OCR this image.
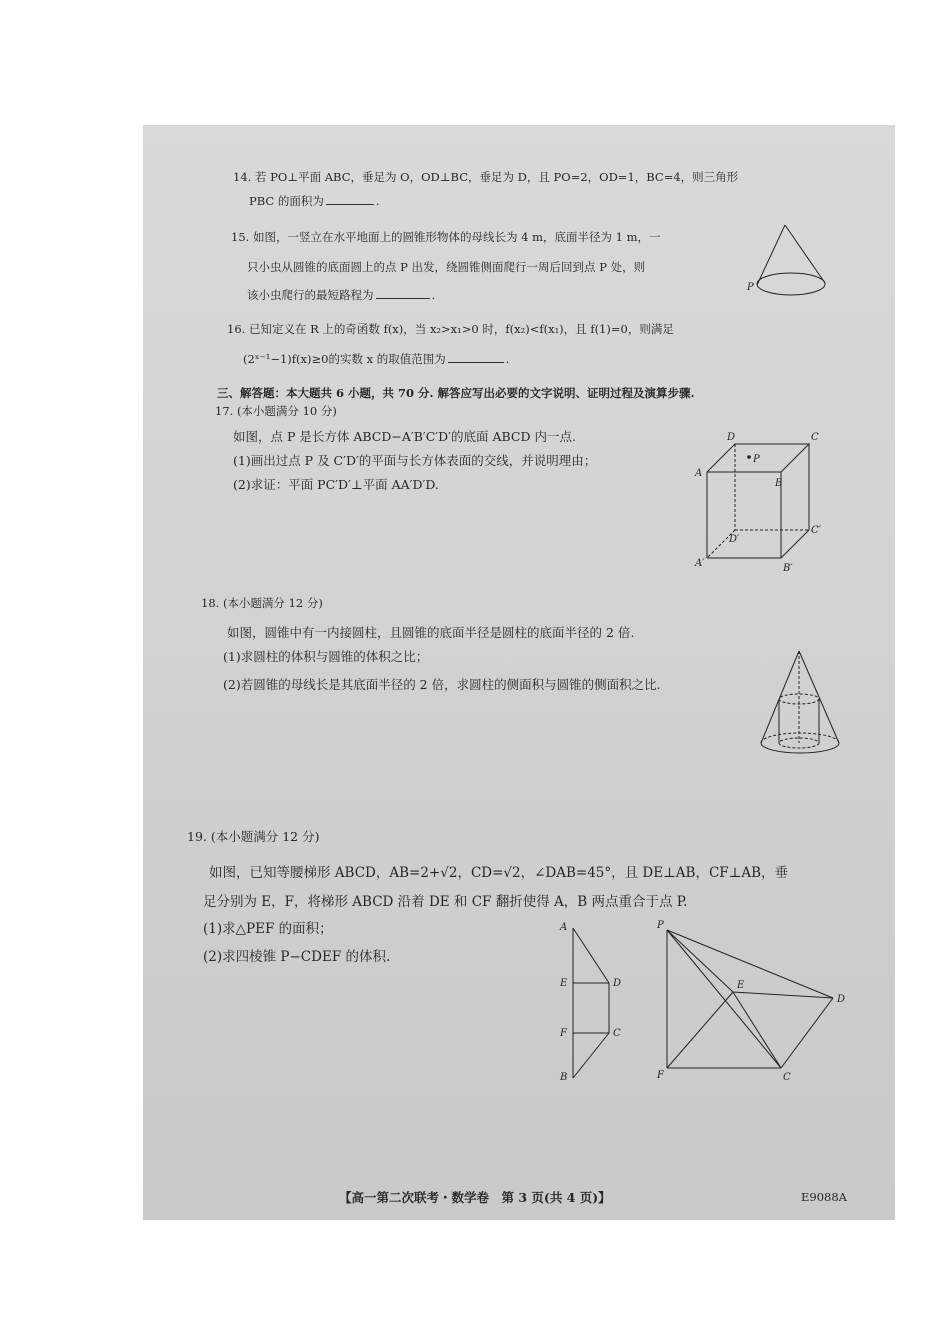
14. 若 PO⊥平面 ABC，垂足为 O，OD⊥BC，垂足为 D，且 PO=2，OD=1，BC=4，则三角形
PBC 的面积为	.
15. 如图，一竖立在水平地面上的圆锥形物体的母线长为 4 m，底面半径为 1 m，一
只小虫从圆锥的底面圆上的点 P 出发，绕圆锥侧面爬行一周后回到点 P 处，则
该小虫爬行的最短路程为	.
P
16. 已知定义在 R 上的奇函数 f(x)，当 x₂>x₁>0 时，f(x₂)<f(x₁)，且 f(1)=0，则满足
(2ˣ⁻¹−1)f(x)≥0的实数 x 的取值范围为	.
三、解答题：本大题共 6 小题，共 70 分. 解答应写出必要的文字说明、证明过程及演算步骤.
17. (本小题满分 10 分)
如图，点 P 是长方体 ABCD−A′B′C′D′的底面 ABCD 内一点.
(1)画出过点 P 及 C′D′的平面与长方体表面的交线，并说明理由；
(2)求证：平面 PC′D′⊥平面 AA′D′D.
D	C
P
A
B
D′
C′
A′	B′
18. (本小题满分 12 分)
如图，圆锥中有一内接圆柱，且圆锥的底面半径是圆柱的底面半径的 2 倍.
(1)求圆柱的体积与圆锥的体积之比；
(2)若圆锥的母线长是其底面半径的 2 倍，求圆柱的侧面积与圆锥的侧面积之比.
19. (本小题满分 12 分)
如图，已知等腰梯形 ABCD，AB=2+√2，CD=√2，∠DAB=45°，且 DE⊥AB，CF⊥AB，垂
足分别为 E，F，将梯形 ABCD 沿着 DE 和 CF 翻折使得 A，B 两点重合于点 P.
(1)求△PEF 的面积；
(2)求四棱锥 P−CDEF 的体积.
A
E	D
F	C
B
P
E
D
F	C
【高一第二次联考・数学卷　第 3 页(共 4 页)】	E9088A
